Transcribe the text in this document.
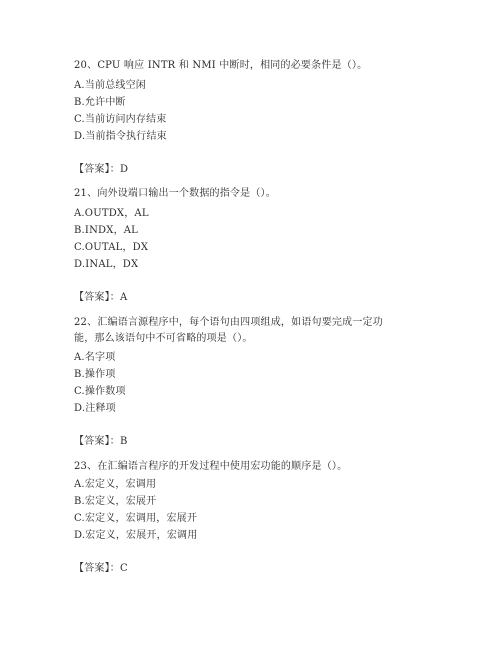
20、CPU 响应 INTR 和 NMI 中断时，相同的必要条件是（）。
A.当前总线空闲
B.允许中断
C.当前访问内存结束
D.当前指令执行结束
【答案】：D
21、向外设端口输出一个数据的指令是（）。
A.OUTDX，AL
B.INDX，AL
C.OUTAL，DX
D.INAL，DX
【答案】：A
22、汇编语言源程序中，每个语句由四项组成，如语句要完成一定功
能，那么该语句中不可省略的项是（）。
A.名字项
B.操作项
C.操作数项
D.注释项
【答案】：B
23、在汇编语言程序的开发过程中使用宏功能的顺序是（）。
A.宏定义，宏调用
B.宏定义，宏展开
C.宏定义，宏调用，宏展开
D.宏定义，宏展开，宏调用
【答案】：C
